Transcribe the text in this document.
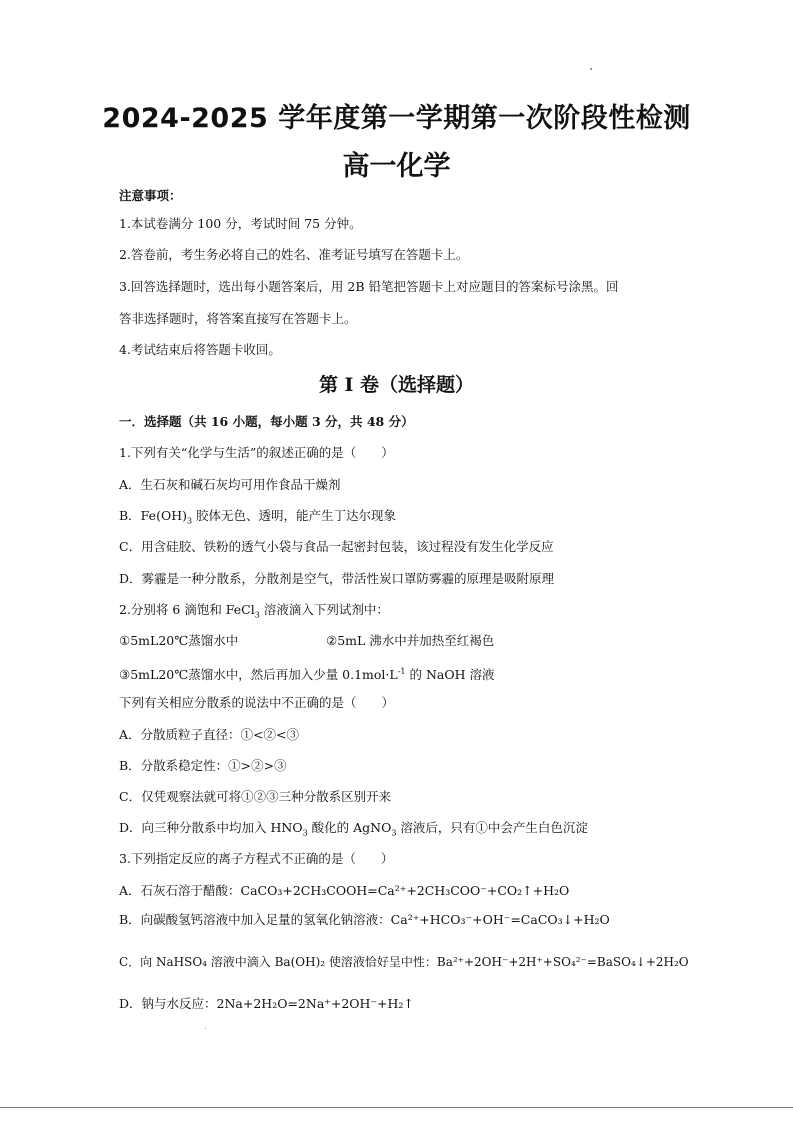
2024-2025 学年度第一学期第一次阶段性检测
高一化学
注意事项：
1.本试卷满分 100 分，考试时间 75 分钟。
2.答卷前，考生务必将自己的姓名、准考证号填写在答题卡上。
3.回答选择题时，选出每小题答案后，用 2B 铅笔把答题卡上对应题目的答案标号涂黑。回
答非选择题时，将答案直接写在答题卡上。
4.考试结束后将答题卡收回。
第 I 卷（选择题）
一．选择题（共 16 小题，每小题 3 分，共 48 分）
1.下列有关“化学与生活”的叙述正确的是（　　）
A．生石灰和碱石灰均可用作食品干燥剂
B．$Fe(OH)_3$ 胶体无色、透明，能产生丁达尔现象
C．用含硅胶、铁粉的透气小袋与食品一起密封包装，该过程没有发生化学反应
D．雾霾是一种分散系，分散剂是空气，带活性炭口罩防雾霾的原理是吸附原理
2.分别将 6 滴饱和 FeCl$_3$ 溶液滴入下列试剂中：
①5mL20℃蒸馏水中	②5mL 沸水中并加热至红褐色
③5mL20℃蒸馏水中，然后再加入少量 $0.1mol\cdot L^{-1}$ 的 NaOH 溶液
下列有关相应分散系的说法中不正确的是（　　）
A．分散质粒子直径：①<②<③
B．分散系稳定性：①>②>③
C．仅凭观察法就可将①②③三种分散系区别开来
D．向三种分散系中均加入 $HNO_3$ 酸化的 AgNO$_3$ 溶液后，只有①中会产生白色沉淀
3.下列指定反应的离子方程式不正确的是（　　）
A．石灰石溶于醋酸：CaCO₃+2CH₃COOH=Ca²⁺+2CH₃COO⁻+CO₂↑+H₂O
B．向碳酸氢钙溶液中加入足量的氢氧化钠溶液：Ca²⁺+HCO₃⁻+OH⁻=CaCO₃↓+H₂O
C．向 NaHSO₄ 溶液中滴入 Ba(OH)₂ 使溶液恰好呈中性：Ba²⁺+2OH⁻+2H⁺+SO₄²⁻=BaSO₄↓+2H₂O
D．钠与水反应：2Na+2H₂O=2Na⁺+2OH⁻+H₂↑
